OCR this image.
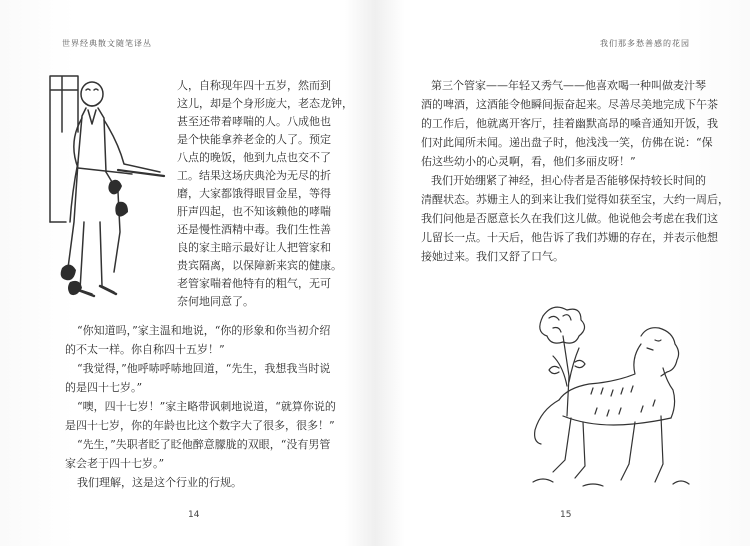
世界经典散文随笔译丛
人，自称现年四十五岁，然而到
这儿，却是个身形庞大，老态龙钟，
甚至还带着哮喘的人。八成他也
是个快能拿养老金的人了。预定
八点的晚饭，他到九点也交不了
工。结果这场庆典沦为无尽的折
磨，大家都饿得眼冒金星，等得
肝声四起，也不知该赖他的哮喘
还是慢性酒精中毒。我们生性善
良的家主暗示最好让人把管家和
贵宾隔离，以保障新来宾的健康。
老管家喘着他特有的粗气，无可
奈何地同意了。
“你知道吗，”家主温和地说，“你的形象和你当初介绍
的不太一样。你自称四十五岁！”
“我觉得，”他呼哧呼哧地回道，“先生，我想我当时说
的是四十七岁。”
“噢，四十七岁！”家主略带讽刺地说道，“就算你说的
是四十七岁，你的年龄也比这个数字大了很多，很多！”
“先生，”失职者眨了眨他醉意朦胧的双眼，“没有男管
家会老于四十七岁。”
我们理解，这是这个行业的行规。
14
我们那多愁善感的花园
第三个管家——年轻又秀气——他喜欢喝一种叫做麦汁琴
酒的啤酒，这酒能令他瞬间振奋起来。尽善尽美地完成下午茶
的工作后，他就离开客厅，挂着幽默高昂的嗓音通知开饭，我
们对此闻所未闻。递出盘子时，他浅浅一笑，仿佛在说：“保
佑这些幼小的心灵啊，看，他们多丽皮呀！”
我们开始绷紧了神经，担心侍者是否能够保持较长时间的
清醒状态。苏姗主人的到来让我们觉得如获至宝，大约一周后，
我们问他是否愿意长久在我们这儿做。他说他会考虑在我们这
儿留长一点。十天后，他告诉了我们苏姗的存在，并表示他想
接她过来。我们又舒了口气。
15
